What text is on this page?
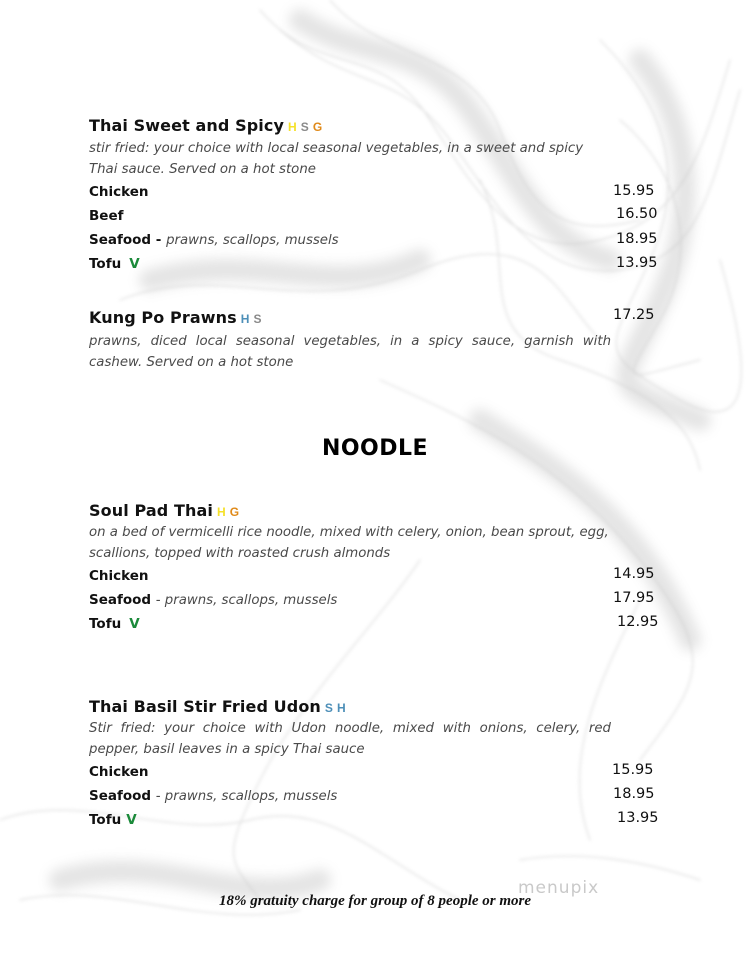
Thai Sweet and Spicy H S G
stir fried: your choice with local seasonal vegetables, in a sweet and spicy Thai sauce. Served on a hot stone
Chicken	15.95
Beef	16.50
Seafood - prawns, scallops, mussels	18.95
Tofu V	13.95
Kung Po Prawns H S	17.25
prawns, diced local seasonal vegetables, in a spicy sauce, garnish with cashew. Served on a hot stone
NOODLE
Soul Pad Thai H G
on a bed of vermicelli rice noodle, mixed with celery, onion, bean sprout, egg, scallions, topped with roasted crush almonds
Chicken	14.95
Seafood - prawns, scallops, mussels	17.95
Tofu V	12.95
Thai Basil Stir Fried Udon S H
Stir fried: your choice with Udon noodle, mixed with onions, celery, red pepper, basil leaves in a spicy Thai sauce
Chicken	15.95
Seafood - prawns, scallops, mussels	18.95
Tofu V	13.95
menupix
18% gratuity charge for group of 8 people or more
